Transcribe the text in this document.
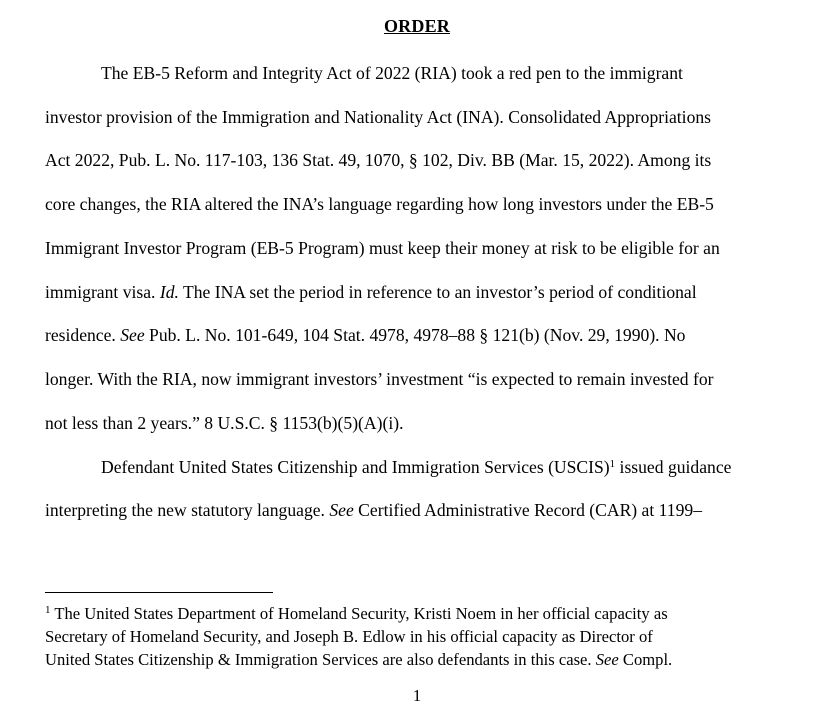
ORDER
The EB-5 Reform and Integrity Act of 2022 (RIA) took a red pen to the immigrant
investor provision of the Immigration and Nationality Act (INA). Consolidated Appropriations
Act 2022, Pub. L. No. 117-103, 136 Stat. 49, 1070, § 102, Div. BB (Mar. 15, 2022). Among its
core changes, the RIA altered the INA’s language regarding how long investors under the EB-5
Immigrant Investor Program (EB-5 Program) must keep their money at risk to be eligible for an
immigrant visa. Id. The INA set the period in reference to an investor’s period of conditional
residence. See Pub. L. No. 101-649, 104 Stat. 4978, 4978–88 § 121(b) (Nov. 29, 1990). No
longer. With the RIA, now immigrant investors’ investment “is expected to remain invested for
not less than 2 years.” 8 U.S.C. § 1153(b)(5)(A)(i).
Defendant United States Citizenship and Immigration Services (USCIS)$^1$ issued guidance
interpreting the new statutory language. See Certified Administrative Record (CAR) at 1199–
$^1$ The United States Department of Homeland Security, Kristi Noem in her official capacity as
Secretary of Homeland Security, and Joseph B. Edlow in his official capacity as Director of
United States Citizenship & Immigration Services are also defendants in this case. See Compl.
1
